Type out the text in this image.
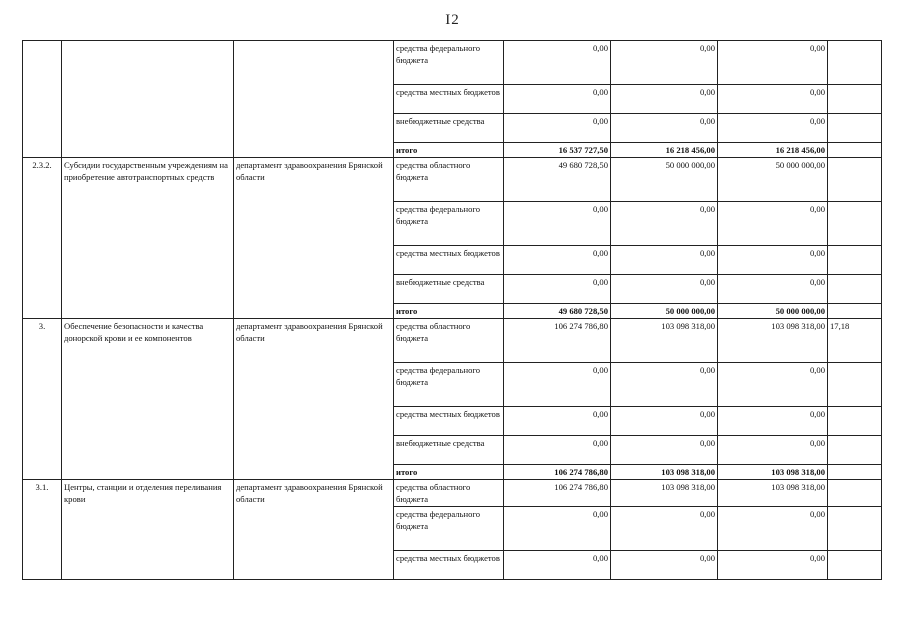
I2
			средства федерального бюджета	0,00	0,00	0,00	
			средства местных бюджетов	0,00	0,00	0,00	
			внебюджетные средства	0,00	0,00	0,00	
			итого	16 537 727,50	16 218 456,00	16 218 456,00	
2.3.2.	Субсидии государственным учреждениям на приобретение автотранспортных средств	департамент здравоохранения Брянской области	средства областного бюджета	49 680 728,50	50 000 000,00	50 000 000,00	
			средства федерального бюджета	0,00	0,00	0,00	
			средства местных бюджетов	0,00	0,00	0,00	
			внебюджетные средства	0,00	0,00	0,00	
			итого	49 680 728,50	50 000 000,00	50 000 000,00	
3.	Обеспечение безопасности и качества донорской крови и ее компонентов	департамент здравоохранения Брянской области	средства областного бюджета	106 274 786,80	103 098 318,00	103 098 318,00	17,18
			средства федерального бюджета	0,00	0,00	0,00	
			средства местных бюджетов	0,00	0,00	0,00	
			внебюджетные средства	0,00	0,00	0,00	
			итого	106 274 786,80	103 098 318,00	103 098 318,00	
3.1.	Центры, станции и отделения переливания крови	департамент здравоохранения Брянской области	средства областного бюджета	106 274 786,80	103 098 318,00	103 098 318,00	
			средства федерального бюджета	0,00	0,00	0,00	
			средства местных бюджетов	0,00	0,00	0,00	
